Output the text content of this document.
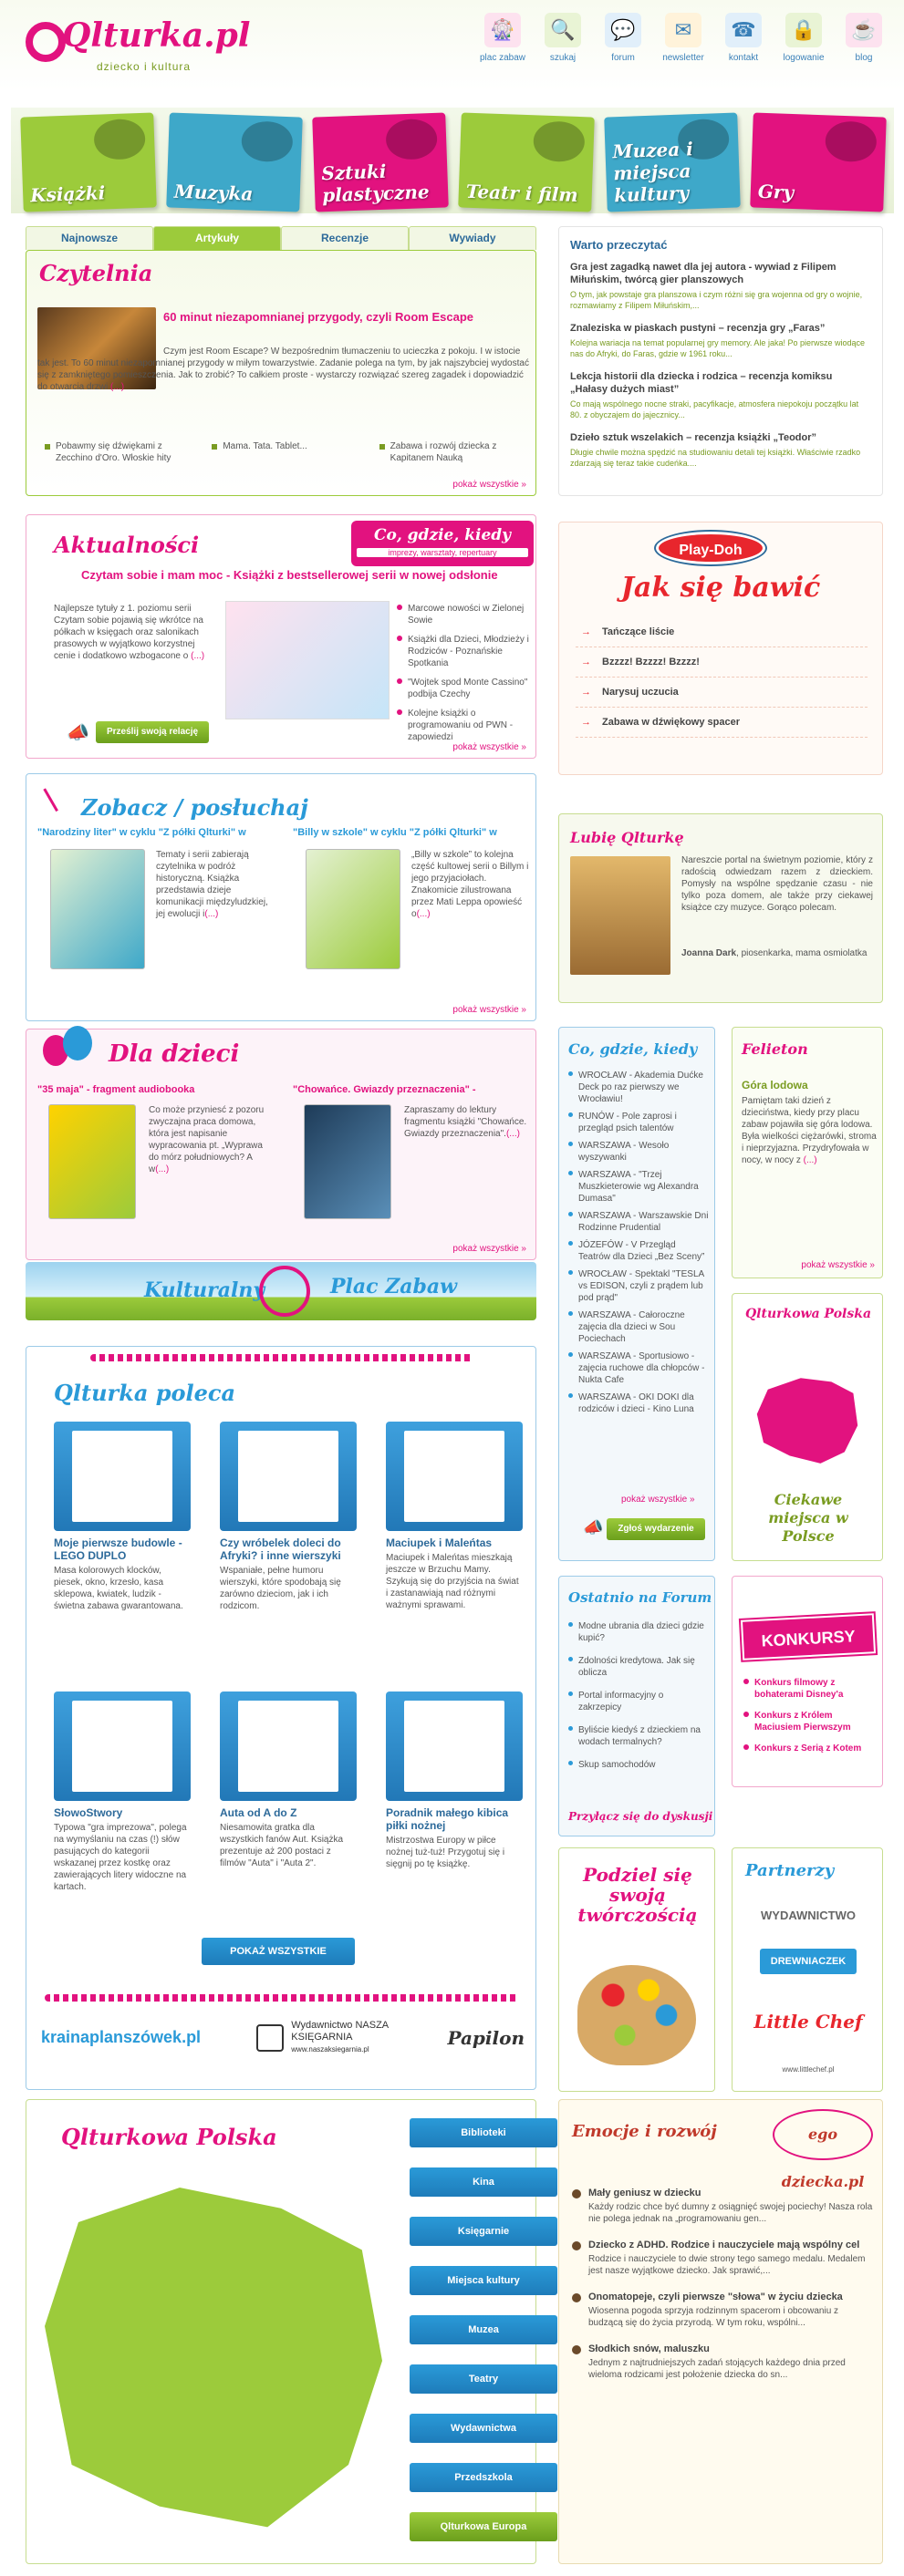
Qlturka.pl
dziecko i kultura
🎡
plac zabaw
🔍
szukaj
💬
forum
✉
newsletter
☎
kontakt
🔒
logowanie
☕
blog
Książki	Muzyka
Sztuki plastyczne	Teatr i film
Muzea i miejsca kultury	Gry
Najnowsze	Artykuły	Recenzje	Wywiady
Czytelnia
60 minut niezapomnianej przygody, czyli Room Escape
Czym jest Room Escape? W bezpośrednim tłumaczeniu to ucieczka z pokoju. I w istocie tak jest. To 60 minut niezapomnianej przygody w miłym towarzystwie. Zadanie polega na tym, by jak najszybciej wydostać się z zamkniętego pomieszczenia. Jak to zrobić? To całkiem proste - wystarczy rozwiązać szereg zagadek i dopowiadzić do otwarcia drzwi (...)
Pobawmy się dźwiękami z Zecchino d'Oro. Włoskie hity
Mama. Tata. Tablet...	Zabawa i rozwój dziecka z Kapitanem Nauką
pokaż wszystkie »
Warto przeczytać
Gra jest zagadką nawet dla jej autora - wywiad z Filipem Miłuńskim, twórcą gier planszowych
O tym, jak powstaje gra planszowa i czym różni się gra wojenna od gry o wojnie, rozmawiamy z Filipem Miłuńskim,...
Znaleziska w piaskach pustyni – recenzja gry „Faras”
Kolejna wariacja na temat popularnej gry memory. Ale jaka! Po pierwsze wiodące nas do Afryki, do Faras, gdzie w 1961 roku...
Lekcja historii dla dziecka i rodzica – recenzja komiksu „Hałasy dużych miast”
Co mają wspólnego nocne straki, pacyfikacje, atmosfera niepokoju początku lat 80. z obyczajem do jajecznicy...
Dzieło sztuk wszelakich – recenzja książki „Teodor”
Długie chwile można spędzić na studiowaniu detali tej książki. Właściwie rzadko zdarzają się teraz takie cudeńka....
Aktualności	Co, gdzie, kiedy
imprezy, warsztaty, repertuary
Czytam sobie i mam moc - Książki z bestsellerowej serii w nowej odsłonie
Najlepsze tytuły z 1. poziomu serii Czytam sobie pojawią się wkrótce na półkach w księgach oraz salonikach prasowych w wyjątkowo korzystnej cenie i dodatkowo wzbogacone o (...)
Marcowe nowości w Zielonej Sowie
Książki dla Dzieci, Młodzieży i Rodziców - Poznańskie Spotkania
"Wojtek spod Monte Cassino" podbija Czechy
Kolejne książki o programowaniu od PWN - zapowiedzi
Prześlij swoją relację
📣
pokaż wszystkie »
Play-Doh
Jak się bawić
→ Tańczące liście
→ Bzzzz! Bzzzz! Bzzzz!
→ Narysuj uczucia
→ Zabawa w dźwiękowy spacer
Zobacz / posłuchaj
"Narodziny liter" w cyklu "Z półki Qlturki" w
Tematy i serii zabierają czytelnika w podróż historyczną. Książka przedstawia dzieje komunikacji międzyludzkiej, jej ewolucji i(...)
"Billy w szkole" w cyklu "Z półki Qlturki" w
„Billy w szkole” to kolejna część kultowej serii o Billym i jego przyjaciołach. Znakomicie zilustrowana przez Mati Leppa opowieść o(...)
pokaż wszystkie »
Lubię Qlturkę
Nareszcie portal na świetnym poziomie, który z radością odwiedzam razem z dzieckiem. Pomysły na wspólne spędzanie czasu - nie tylko poza domem, ale także przy ciekawej książce czy muzyce. Gorąco polecam.
Joanna Dark, piosenkarka, mama osmiolatka
Dla dzieci
"35 maja" - fragment audiobooka
Co może przyniesć z pozoru zwyczajna praca domowa, która jest napisanie wypracowania pt. „Wyprawa do mórz południowych? A w(...)
"Chowańce. Gwiazdy przeznaczenia" -
Zapraszamy do lektury fragmentu książki "Chowańce. Gwiazdy przeznaczenia".(...)
pokaż wszystkie »
Co, gdzie, kiedy
WROCŁAW - Akademia Dućke Deck po raz pierwszy we Wrocławiu!
RUNÓW - Pole zaprosi i przegląd psich talentów
WARSZAWA - Wesoło wyszywanki
WARSZAWA - "Trzej Muszkieterowie wg Alexandra Dumasa"
WARSZAWA - Warszawskie Dni Rodzinne Prudential
JÓZEFÓW - V Przegląd Teatrów dla Dzieci „Bez Sceny”
WROCŁAW - Spektakl "TESLA vs EDISON, czyli z prądem lub pod prąd"
WARSZAWA - Całoroczne zajęcia dla dzieci w Sou Pociechach
WARSZAWA - Sportusiowo - zajęcia ruchowe dla chłopców - Nukta Cafe
WARSZAWA - OKI DOKI dla rodziców i dzieci - Kino Luna
pokaż wszystkie »
Zgłoś wydarzenie
📣
Felieton
Góra lodowa
Pamiętam taki dzień z dzieciństwa, kiedy przy placu zabaw pojawiła się góra lodowa. Była wielkości ciężarówki, stroma i nieprzyjazna. Przydryfowała w nocy, w nocy z (...)
pokaż wszystkie »
Kulturalny	Plac Zabaw
Qlturkowa Polska
Ciekawe miejsca w Polsce
Qlturka poleca
POKAŻ WSZYSTKIE
krainaplanszówek.pl
Wydawnictwo NASZA KSIĘGARNIA
www.naszaksiegarnia.pl
Papilon
Moje pierwsze budowle - LEGO DUPLO
Masa kolorowych klocków, piesek, okno, krzesło, kasa sklepowa, kwiatek, ludzik - świetna zabawa gwarantowana.
Czy wróbelek doleci do Afryki? i inne wierszyki
Wspaniałe, pełne humoru wierszyki, które spodobają się zarówno dzieciom, jak i ich rodzicom.
Maciupek i Maleńtas
Maciupek i Maleńtas mieszkają jeszcze w Brzuchu Mamy. Szykują się do przyjścia na świat i zastanawiają nad różnymi ważnymi sprawami.
SłowoStwory
Typowa "gra imprezowa", polega na wymyślaniu na czas (!) słów pasujących do kategorii wskazanej przez kostkę oraz zawierających litery widoczne na kartach.
Auta od A do Z
Niesamowita gratka dla wszystkich fanów Aut. Książka prezentuje aż 200 postaci z filmów "Auta" i "Auta 2".
Poradnik małego kibica piłki nożnej
Mistrzostwa Europy w piłce nożnej tuż-tuż! Przygotuj się i sięgnij po tę książkę.
Ostatnio na Forum
Modne ubrania dla dzieci gdzie kupić?
Zdolności kredytowa. Jak się oblicza
Portal informacyjny o zakrzepicy
Byliście kiedyś z dzieckiem na wodach termalnych?
Skup samochodów
Przyłącz się do dyskusji
KONKURSY
Konkurs filmowy z bohaterami Disney'a
Konkurs z Królem Maciusiem Pierwszym
Konkurs z Serią z Kotem
Podziel się swoją twórczością
Partnerzy
WYDAWNICTWO
DREWNIACZEK
Little Chef
www.littlechef.pl
Qlturkowa Polska	Biblioteki
Kina
Księgarnie
Miejsca kultury
Muzea
Teatry
Wydawnictwa
Przedszkola
Qlturkowa Europa
Emocje i rozwój	ego dziecka.pl
Mały geniusz w dziecku
Każdy rodzic chce być dumny z osiągnięć swojej pociechy! Nasza rola nie polega jednak na „programowaniu gen...
Dziecko z ADHD. Rodzice i nauczyciele mają wspólny cel
Rodzice i nauczyciele to dwie strony tego samego medalu. Medalem jest nasze wyjątkowe dziecko. Jak sprawić,...
Onomatopeje, czyli pierwsze "słowa" w życiu dziecka
Wiosenna pogoda sprzyja rodzinnym spacerom i obcowaniu z budzącą się do życia przyrodą. W tym roku, wspólni...
Słodkich snów, maluszku
Jednym z najtrudniejszych zadań stojących każdego dnia przed wieloma rodzicami jest położenie dziecka do sn...
